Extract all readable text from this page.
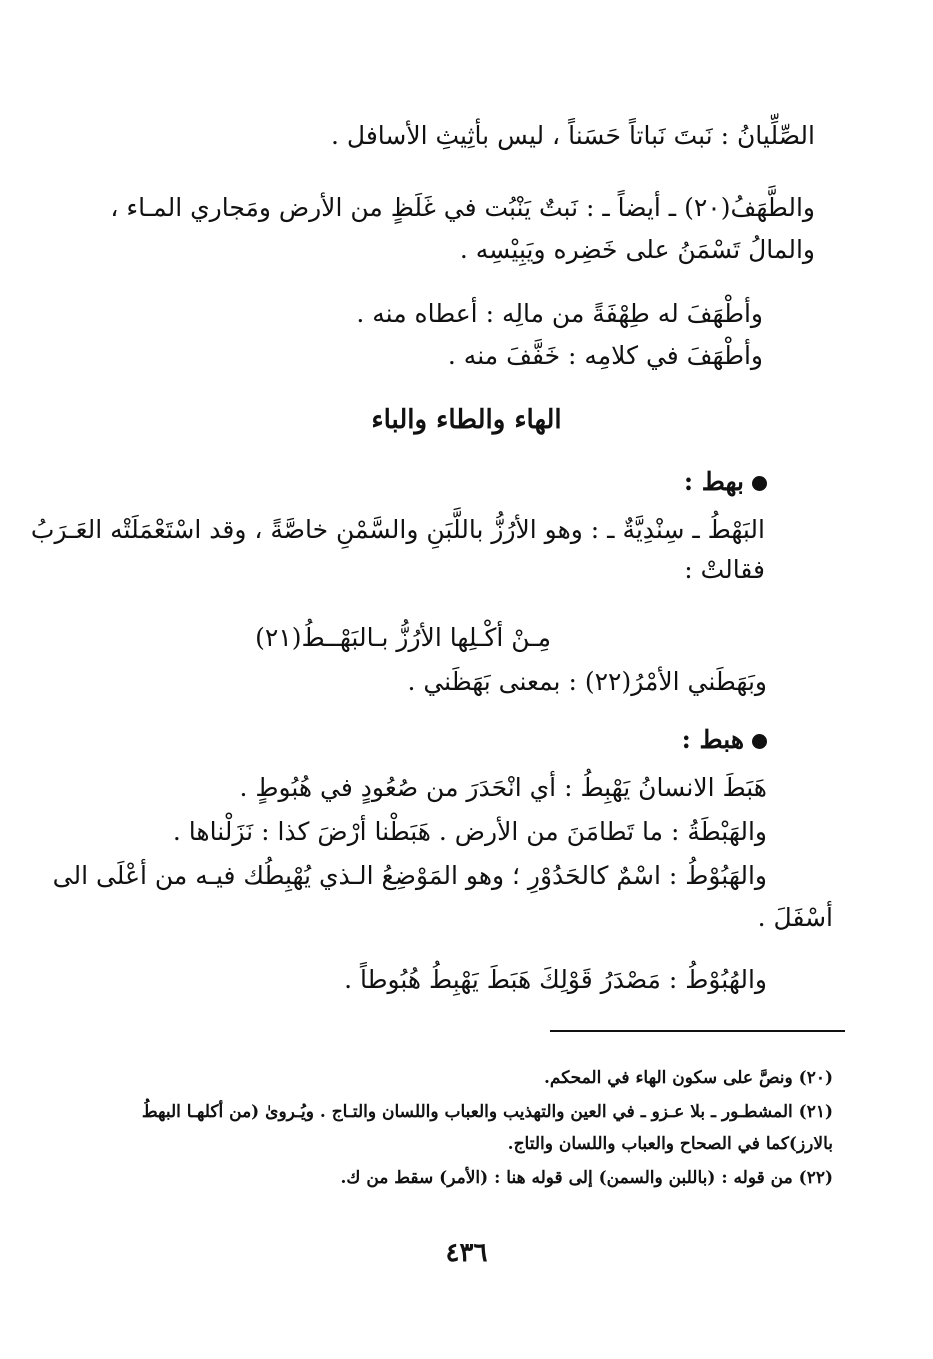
الصِّلِّيانُ : نَبتَ نَباتاً حَسَناً ، ليس بأثِيثِ الأسافل .
والطَّهَفُ(٢٠) ـ أيضاً ـ : نَبتٌ يَنْبُت في غَلَظٍ من الأرض ومَجاري المـاء ،
والمالُ تَسْمَنُ على خَضِره ويَبِيْسِه .
وأطْهَفَ له طِهْفَةً من مالِه : أعطاه منه .
وأطْهَفَ في كلامِه : خَفَّفَ منه .
الهاء والطاء والباء
بهط :
البَهْطُ ـ سِنْدِيَّةٌ ـ : وهو الأرُزُّ باللَّبَنِ والسَّمْنِ خاصَّةً ، وقد اسْتَعْمَلَتْه العَـرَبُ
فقالتْ :
مِـنْ أكْـلِها الأرُزُّ بـالبَهْــطُ(٢١)
وبَهَطَني الأمْرُ(٢٢) : بمعنى بَهَظَني .
هبط :
هَبَطَ الانسانُ يَهْبِطُ : أي انْحَدَرَ من صُعُودٍ في هُبُوطٍ .
والهَبْطَةُ : ما تَطامَنَ من الأرض . هَبَطْنا أرْضَ كذا : نَزَلْناها .
والهَبُوْطُ : اسْمٌ كالحَدُوْرِ ؛ وهو المَوْضِعُ الـذي يُهْبِطُك فيـه من أعْلَى الى
أسْفَلَ .
والهُبُوْطُ : مَصْدَرُ قَوْلِكَ هَبَطَ يَهْبِطُ هُبُوطاً .
(٢٠) ونصَّ على سكون الهاء في المحكم.
(٢١) المشطـور ـ بلا عـزو ـ في العين والتهذيب والعباب واللسان والتـاج . ويُـروىٰ (من أكلهـا البهطُ
بالارز)كما في الصحاح والعباب واللسان والتاج.
(٢٢) من قوله : (باللبن والسمن) إلى قوله هنا : (الأمر) سقط من ك.
٤٣٦
